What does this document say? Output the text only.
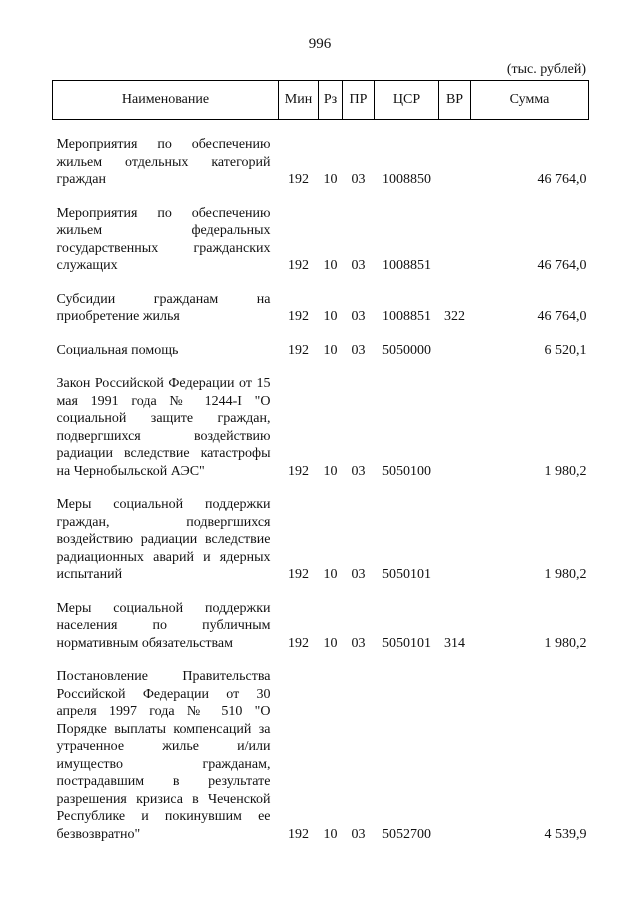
996
(тыс. рублей)
Наименование	Мин	Рз	ПР	ЦСР	ВР	Сумма

Мероприятия по обеспечению жильем отдельных категорий граждан	192	10	03	1008850		46 764,0

Мероприятия по обеспечению жильем федеральных государственных гражданских служащих	192	10	03	1008851		46 764,0

Субсидии гражданам на приобретение жилья	192	10	03	1008851	322	46 764,0

Социальная помощь	192	10	03	5050000		6 520,1

Закон Российской Федерации от 15 мая 1991 года № 1244-I "О социальной защите граждан, подвергшихся воздействию радиации вследствие катастрофы на Чернобыльской АЭС"	192	10	03	5050100		1 980,2

Меры социальной поддержки граждан, подвергшихся воздействию радиации вследствие радиационных аварий и ядерных испытаний	192	10	03	5050101		1 980,2

Меры социальной поддержки населения по публичным нормативным обязательствам	192	10	03	5050101	314	1 980,2

Постановление Правительства Российской Федерации от 30 апреля 1997 года № 510 "О Порядке выплаты компенсаций за утраченное жилье и/или имущество гражданам, пострадавшим в результате разрешения кризиса в Чеченской Республике и покинувшим ее безвозвратно"	192	10	03	5052700		4 539,9
